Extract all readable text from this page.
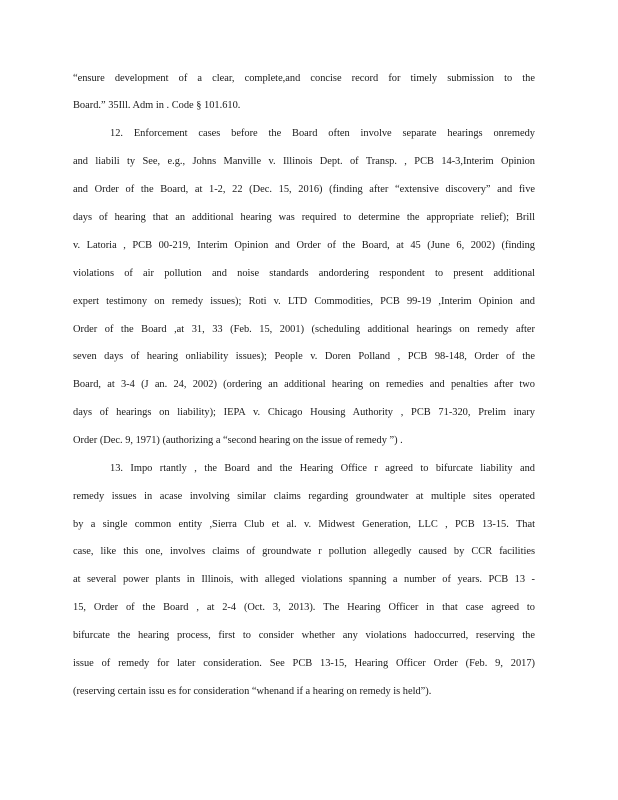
“ensure development of a clear, complete,and concise record for timely submission to the
Board.” 35Ill. Adm in . Code § 101.610.
12. Enforcement cases before the Board often involve separate hearings onremedy
and liabili ty See, e.g., Johns Manville v. Illinois Dept. of Transp. , PCB 14-3,Interim Opinion
and Order of the Board, at 1-2, 22 (Dec. 15, 2016) (finding after “extensive discovery” and five
days of hearing that an additional hearing was required to determine the appropriate relief); Brill
v. Latoria , PCB 00-219, Interim Opinion and Order of the Board, at 45 (June 6, 2002) (finding
violations of air pollution and noise standards andordering respondent to present additional
expert testimony on remedy issues); Roti v. LTD Commodities, PCB 99-19 ,Interim Opinion and
Order of the Board ,at 31, 33 (Feb. 15, 2001) (scheduling additional hearings on remedy after
seven days of hearing onliability issues); People v. Doren Polland , PCB 98-148, Order of the
Board, at 3-4 (J an. 24, 2002) (ordering an additional hearing on remedies and penalties after two
days of hearings on liability); IEPA v. Chicago Housing Authority , PCB 71-320, Prelim inary
Order (Dec. 9, 1971) (authorizing a “second hearing on the issue of remedy ”) .
13. Impo rtantly , the Board and the Hearing Office r agreed to bifurcate liability and
remedy issues in acase involving similar claims regarding groundwater at multiple sites operated
by a single common entity ,Sierra Club et al. v. Midwest Generation, LLC , PCB 13-15. That
case, like this one, involves claims of groundwate r pollution allegedly caused by CCR facilities
at several power plants in Illinois, with alleged violations spanning a number of years. PCB 13 -
15, Order of the Board , at 2-4 (Oct. 3, 2013). The Hearing Officer in that case agreed to
bifurcate the hearing process, first to consider whether any violations hadoccurred, reserving the
issue of remedy for later consideration. See PCB 13-15, Hearing Officer Order (Feb. 9, 2017)
(reserving certain issu es for consideration “whenand if a hearing on remedy is held”).
